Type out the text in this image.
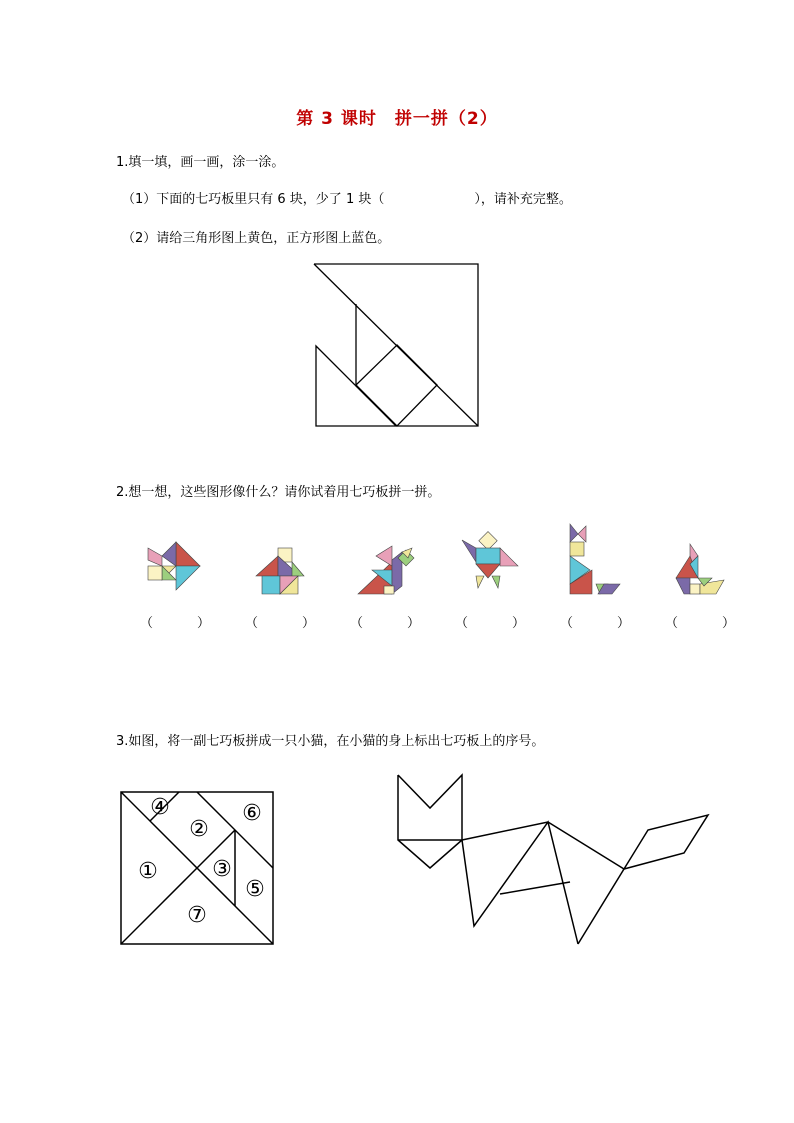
第 3 课时　拼一拼（2）
1.填一填，画一画，涂一涂。
（1）下面的七巧板里只有 6 块，少了 1 块（	），请补充完整。
（2）请给三角形图上黄色，正方形图上蓝色。
2.想一想，这些图形像什么？请你试着用七巧板拼一拼。
（	）	（	）	（	）	（	）	（	）	（	）
3.如图，将一副七巧板拼成一只小猫，在小猫的身上标出七巧板上的序号。
①
②
③
④
⑤
⑥
⑦
